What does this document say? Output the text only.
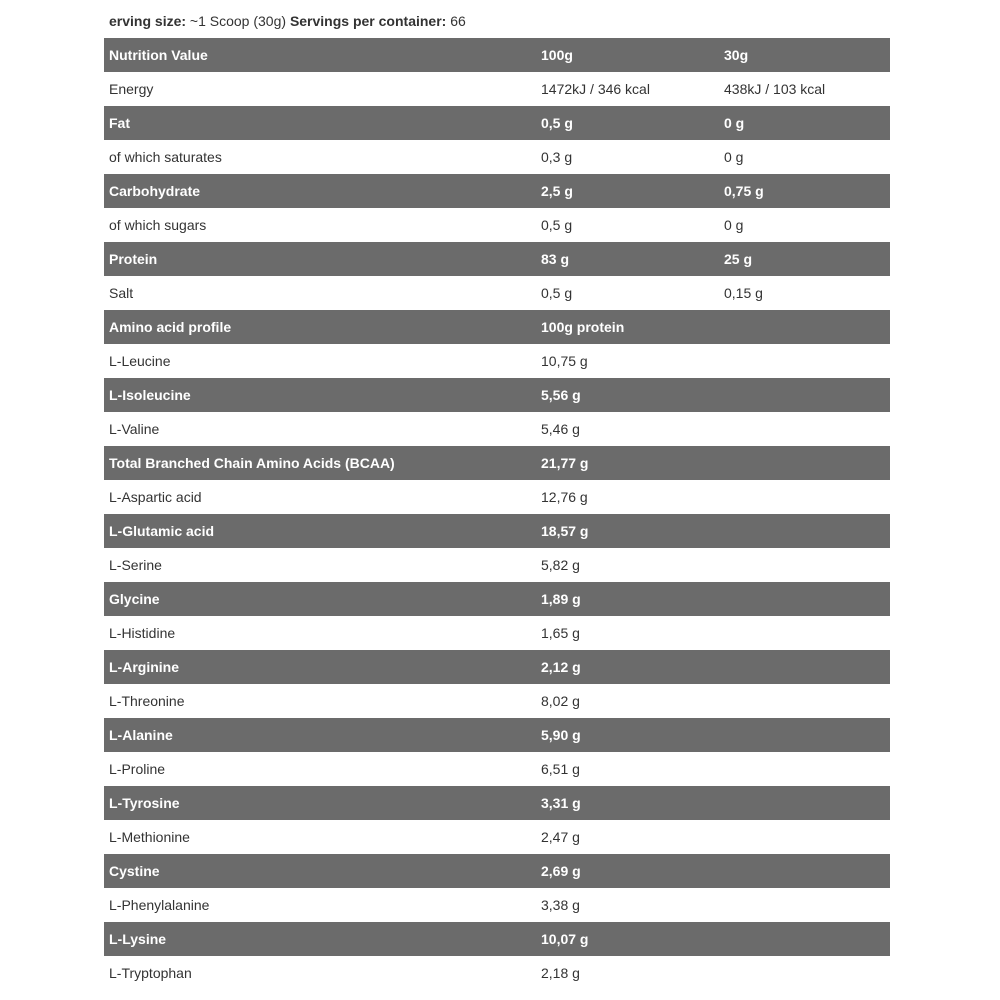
erving size: ~1 Scoop (30g) Servings per container: 66
Nutrition Value	100g	30g
Energy	1472kJ / 346 kcal	438kJ / 103 kcal
Fat	0,5 g	0 g
of which saturates	0,3 g	0 g
Carbohydrate	2,5 g	0,75 g
of which sugars	0,5 g	0 g
Protein	83 g	25 g
Salt	0,5 g	0,15 g
Amino acid profile	100g protein	
L-Leucine	10,75 g	
L-Isoleucine	5,56 g	
L-Valine	5,46 g	
Total Branched Chain Amino Acids (BCAA)	21,77 g	
L-Aspartic acid	12,76 g	
L-Glutamic acid	18,57 g	
L-Serine	5,82 g	
Glycine	1,89 g	
L-Histidine	1,65 g	
L-Arginine	2,12 g	
L-Threonine	8,02 g	
L-Alanine	5,90 g	
L-Proline	6,51 g	
L-Tyrosine	3,31 g	
L-Methionine	2,47 g	
Cystine	2,69 g	
L-Phenylalanine	3,38 g	
L-Lysine	10,07 g	
L-Tryptophan	2,18 g	
